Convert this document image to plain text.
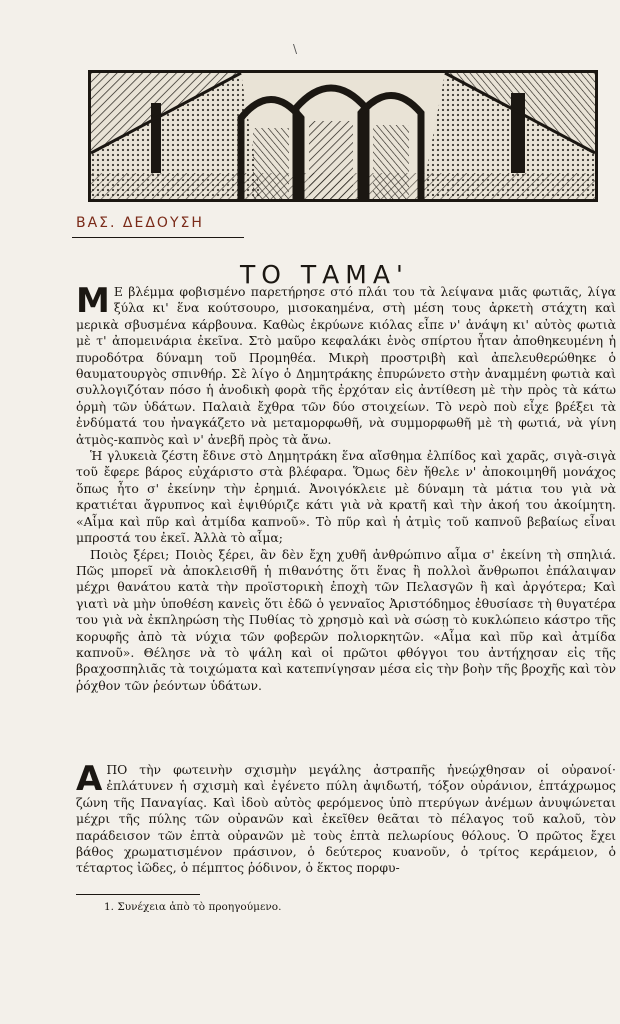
\
ΒΑΣ. ΔΕΔΟΥΣΗ
ΤΟ ΤΑΜΑ'

Μ Ε βλέμμα φοβισμένο παρετήρησε στό πλάι του τὰ λείψανα μιᾶς φωτιᾶς, λίγα ξύλα κι' ἕνα κούτσουρο, μισοκαημένα, στὴ μέση τους ἀρκετὴ στάχτη καὶ μερικὰ σβυσμένα κάρβουνα. Καθὼς ἐκρύωνε κιόλας εἶπε ν' ἀνάψη κι' αὐτὸς φωτιὰ μὲ τ' ἀπομεινάρια ἐκεῖνα. Στὸ μαῦρο κεφαλάκι ἑνὸς σπίρτου ἦταν ἀποθηκευμένη ἡ πυροδότρα δύναμη τοῦ Προμηθέα. Μικρὴ προστριβὴ καὶ ἀπελευθερώθηκε ὁ θαυματουργὸς σπινθήρ. Σὲ λίγο ὁ Δημητράκης ἐπυρώνετο στὴν ἀναμμένη φωτιὰ καὶ συλλογιζόταν πόσο ἡ ἀνοδικὴ φορὰ τῆς ἐρχόταν εἰς ἀντίθεση μὲ τὴν πρὸς τὰ κάτω ὁρμὴ τῶν ὑδάτων. Παλαιὰ ἔχθρα τῶν δύο στοιχείων. Τὸ νερὸ ποὺ εἶχε βρέξει τὰ ἐνδύματά του ἠναγκάζετο νὰ μεταμορφωθῆ, νὰ συμμορφωθῆ μὲ τὴ φωτιά, νὰ γίνη ἀτμὸς-καπνὸς καὶ ν' ἀνεβῆ πρὸς τὰ ἄνω.

Ἡ γλυκειὰ ζέστη ἔδινε στὸ Δημητράκη ἕνα αἴσθημα ἐλπίδος καὶ χαρᾶς, σιγὰ-σιγὰ τοῦ ἔφερε βάρος εὐχάριστο στὰ βλέφαρα. Ὅμως δὲν ἤθελε ν' ἀποκοιμηθῆ μονάχος ὅπως ἦτο σ' ἐκείνην τὴν ἐρημιά. Ἀνοιγόκλειε μὲ δύναμη τὰ μάτια του γιὰ νὰ κρατιέται ἄγρυπνος καὶ ἐψιθύριζε κάτι γιὰ νὰ κρατῆ καὶ τὴν ἀκοή του ἀκοίμητη. «Αἷμα καὶ πῦρ καὶ ἀτμίδα καπνοῦ». Τὸ πῦρ καὶ ἡ ἀτμὶς τοῦ καπνοῦ βεβαίως εἶναι μπροστά του ἐκεῖ. Ἀλλὰ τὸ αἷμα;

Ποιὸς ξέρει; Ποιὸς ξέρει, ἂν δὲν ἔχη χυθῆ ἀνθρώπινο αἷμα σ' ἐκείνη τὴ σπηλιά. Πῶς μπορεῖ νὰ ἀποκλεισθῆ ἡ πιθανότης ὅτι ἕνας ἢ πολλοὶ ἄνθρωποι ἐπάλαιψαν μέχρι θανάτου κατὰ τὴν προϊστορικὴ ἐποχὴ τῶν Πελασγῶν ἢ καὶ ἀργότερα; Καὶ γιατὶ νὰ μὴν ὑποθέση κανεὶς ὅτι ἐδῶ ὁ γενναῖος Ἀριστόδημος ἐθυσίασε τὴ θυγατέρα του γιὰ νὰ ἐκπληρώση τὴς Πυθίας τὸ χρησμὸ καὶ νὰ σώσῃ τὸ κυκλώπειο κάστρο τῆς κορυφῆς ἀπὸ τὰ νύχια τῶν φοβερῶν πολιορκητῶν. «Αἷμα καὶ πῦρ καὶ ἀτμίδα καπνοῦ». Θέλησε νὰ τὸ ψάλη καὶ οἱ πρῶτοι φθόγγοι του ἀντήχησαν εἰς τῆς βραχοσπηλιᾶς τὰ τοιχώματα καὶ κατεπνίγησαν μέσα εἰς τὴν βοὴν τῆς βροχῆς καὶ τὸν ῥόχθον τῶν ῥεόντων ὑδάτων.

ΑΠΟ τὴν φωτεινὴν σχισμὴν μεγάλης ἀστραπῆς ἠνεῴχθησαν οἱ οὐρανοί· ἐπλάτυνεν ἡ σχισμὴ καὶ ἐγένετο πύλη ἀψιδωτή, τόξον οὐράνιον, ἑπτάχρωμος ζώνη τῆς Παναγίας. Καὶ ἰδοὺ αὐτὸς φερόμενος ὑπὸ πτερύγων ἀνέμων ἀνυψώνεται μέχρι τῆς πύλης τῶν οὐρανῶν καὶ ἐκεῖθεν θεᾶται τὸ πέλαγος τοῦ καλοῦ, τὸν παράδεισον τῶν ἑπτὰ οὐρανῶν μὲ τοὺς ἑπτὰ πελωρίους θόλους. Ὁ πρῶτος ἔχει βάθος χρωματισμένον πράσινον, ὁ δεύτερος κυανοῦν, ὁ τρίτος κεράμειον, ὁ τέταρτος ἰῶδες, ὁ πέμπτος ῥόδινον, ὁ ἕκτος πορφυ-

1. Συνέχεια ἀπὸ τὸ προηγούμενο.
